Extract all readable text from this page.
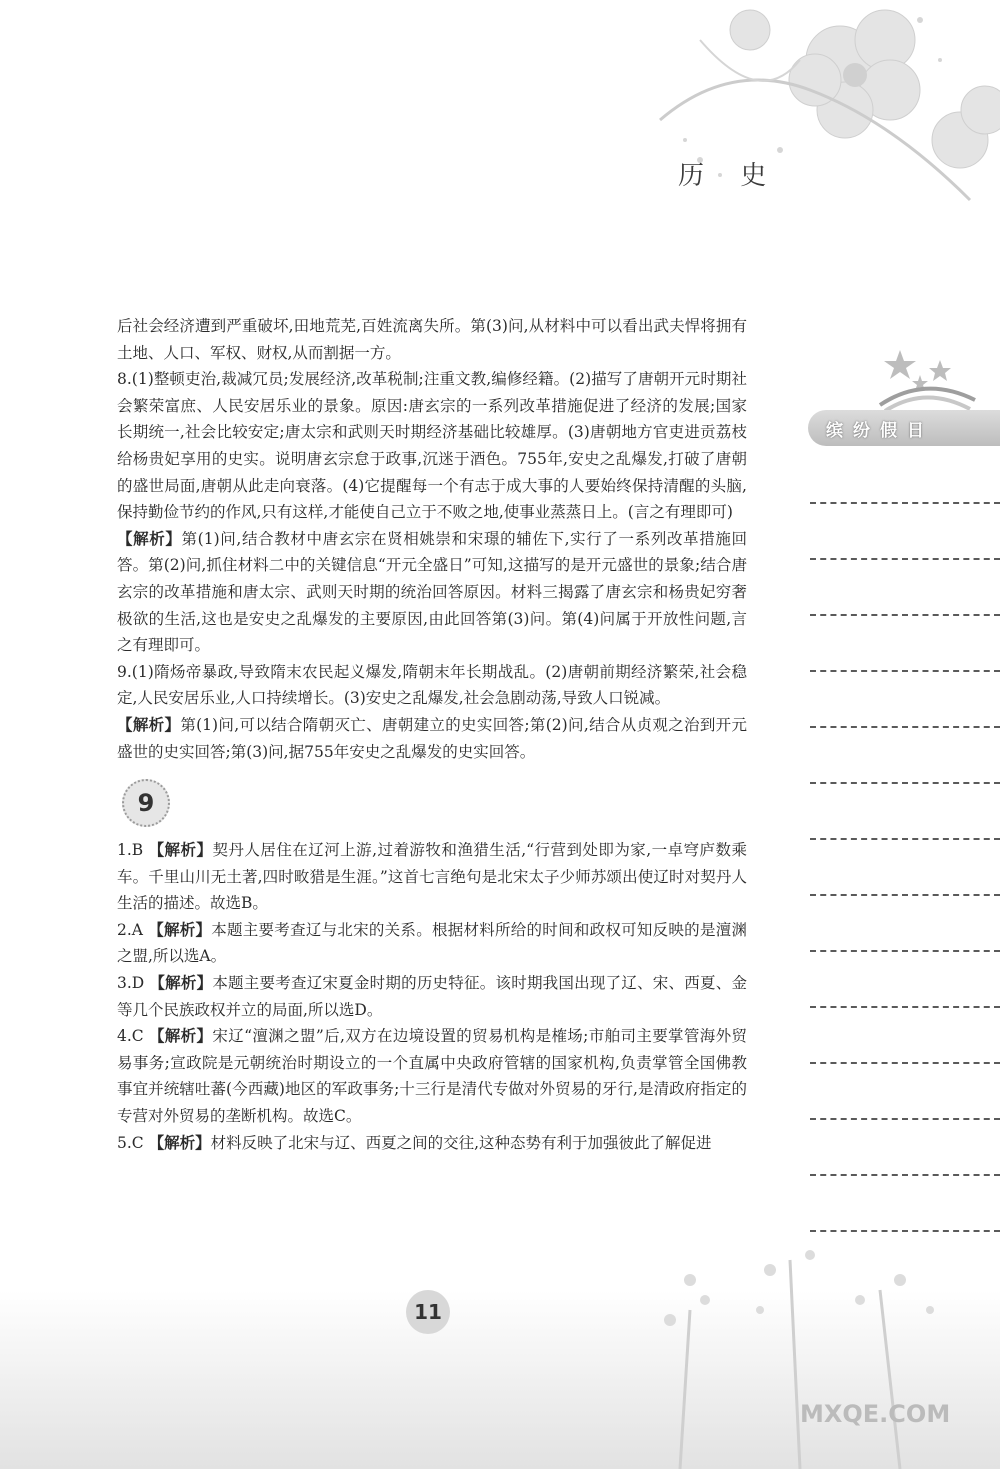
历 史
缤纷假日

后社会经济遭到严重破坏,田地荒芜,百姓流离失所。第(3)问,从材料中可以看出武夫悍将拥有土地、人口、军权、财权,从而割据一方。

8.(1)整顿吏治,裁减冗员;发展经济,改革税制;注重文教,编修经籍。(2)描写了唐朝开元时期社会繁荣富庶、人民安居乐业的景象。原因:唐玄宗的一系列改革措施促进了经济的发展;国家长期统一,社会比较安定;唐太宗和武则天时期经济基础比较雄厚。(3)唐朝地方官吏进贡荔枝给杨贵妃享用的史实。说明唐玄宗怠于政事,沉迷于酒色。755年,安史之乱爆发,打破了唐朝的盛世局面,唐朝从此走向衰落。(4)它提醒每一个有志于成大事的人要始终保持清醒的头脑,保持勤俭节约的作风,只有这样,才能使自己立于不败之地,使事业蒸蒸日上。(言之有理即可)

【解析】第(1)问,结合教材中唐玄宗在贤相姚崇和宋璟的辅佐下,实行了一系列改革措施回答。第(2)问,抓住材料二中的关键信息“开元全盛日”可知,这描写的是开元盛世的景象;结合唐玄宗的改革措施和唐太宗、武则天时期的统治回答原因。材料三揭露了唐玄宗和杨贵妃穷奢极欲的生活,这也是安史之乱爆发的主要原因,由此回答第(3)问。第(4)问属于开放性问题,言之有理即可。

9.(1)隋炀帝暴政,导致隋末农民起义爆发,隋朝末年长期战乱。(2)唐朝前期经济繁荣,社会稳定,人民安居乐业,人口持续增长。(3)安史之乱爆发,社会急剧动荡,导致人口锐减。

【解析】第(1)问,可以结合隋朝灭亡、唐朝建立的史实回答;第(2)问,结合从贞观之治到开元盛世的史实回答;第(3)问,据755年安史之乱爆发的史实回答。

9

1.B 【解析】契丹人居住在辽河上游,过着游牧和渔猎生活,“行营到处即为家,一卓穹庐数乘车。千里山川无土著,四时畋猎是生涯。”这首七言绝句是北宋太子少师苏颂出使辽时对契丹人生活的描述。故选B。

2.A 【解析】本题主要考查辽与北宋的关系。根据材料所给的时间和政权可知反映的是澶渊之盟,所以选A。

3.D 【解析】本题主要考查辽宋夏金时期的历史特征。该时期我国出现了辽、宋、西夏、金等几个民族政权并立的局面,所以选D。

4.C 【解析】宋辽“澶渊之盟”后,双方在边境设置的贸易机构是榷场;市舶司主要掌管海外贸易事务;宣政院是元朝统治时期设立的一个直属中央政府管辖的国家机构,负责掌管全国佛教事宜并统辖吐蕃(今西藏)地区的军政事务;十三行是清代专做对外贸易的牙行,是清政府指定的专营对外贸易的垄断机构。故选C。

5.C 【解析】材料反映了北宋与辽、西夏之间的交往,这种态势有利于加强彼此了解促进

11
MXQE.COM
